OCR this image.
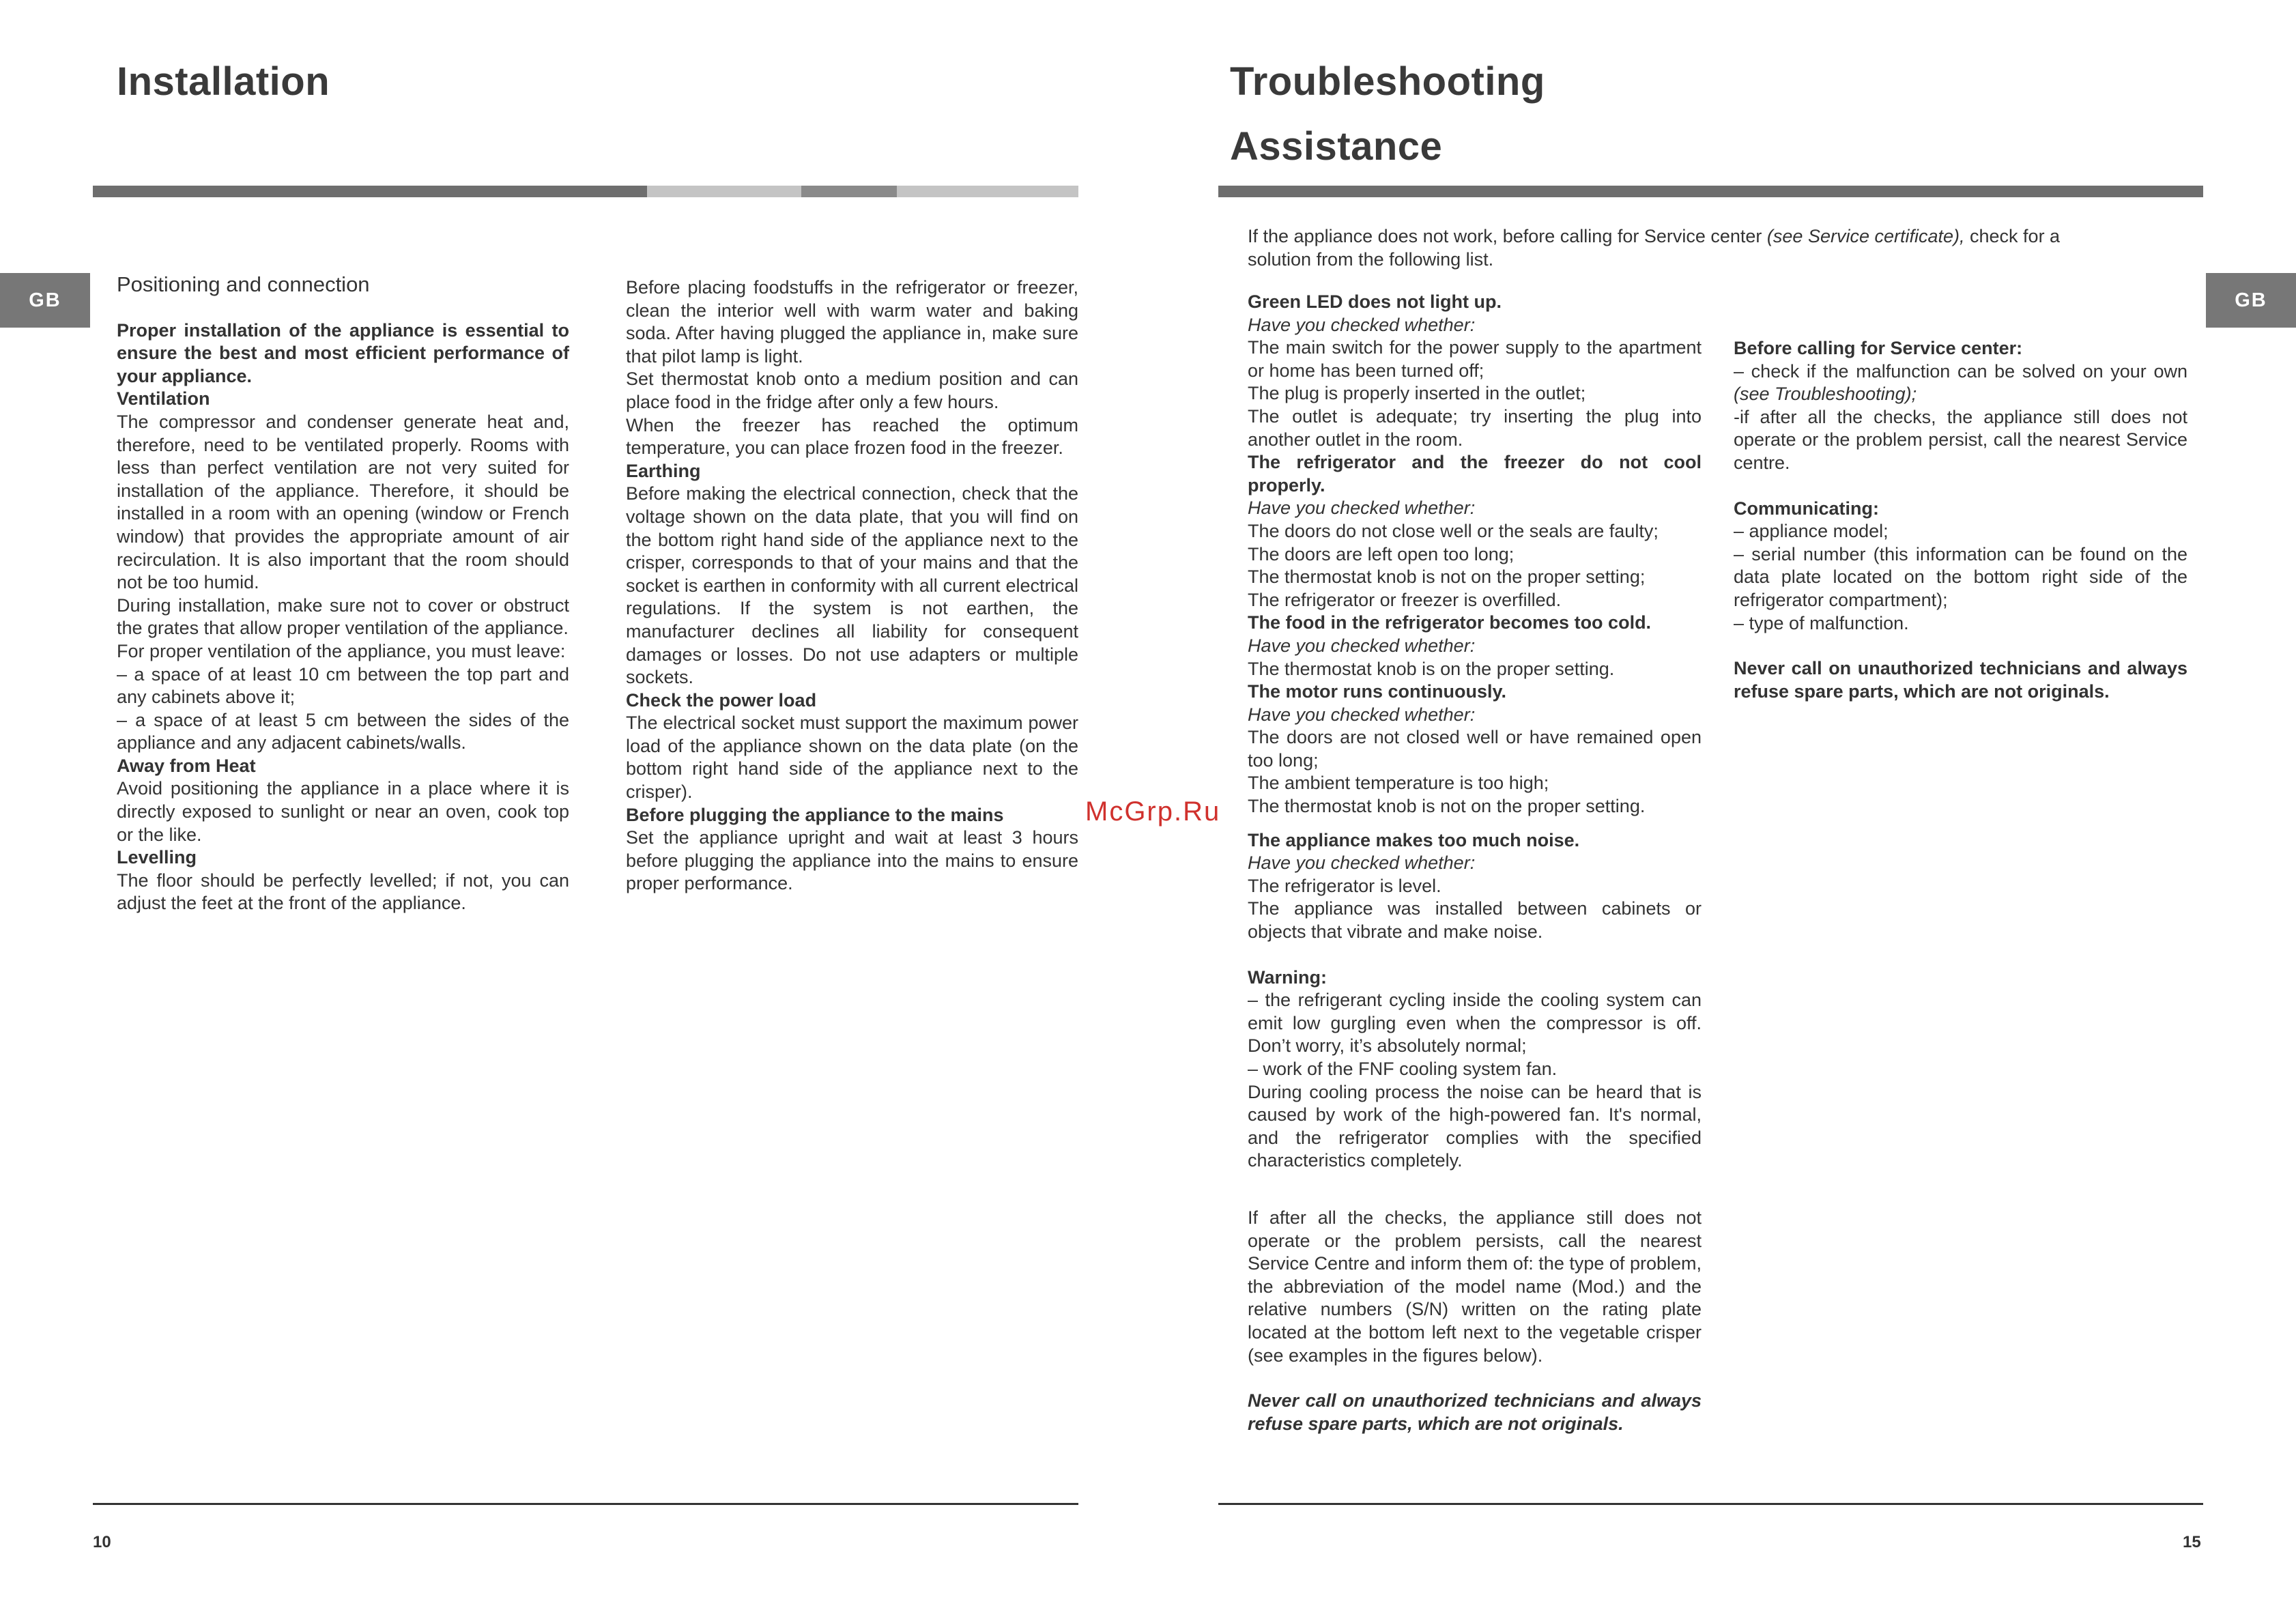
Installation
GB
Positioning and connection

Proper installation of the appliance is essential to ensure the best and most efficient performance of your appliance.

Ventilation

The compressor and condenser generate heat and, therefore, need to be ventilated properly. Rooms with less than perfect ventilation are not very suited for installation of the appliance. Therefore, it should be installed in a room with an opening (window or French window) that provides the appropriate amount of air recirculation. It is also important that the room should not be too humid.

During installation, make sure not to cover or obstruct the grates that allow proper ventilation of the appliance.

For proper ventilation of the appliance, you must leave:

– a space of at least 10 cm between the top part and any cabinets above it;

– a space of at least 5 cm between the sides of the appliance and any adjacent cabinets/walls.

Away from Heat

Avoid positioning the appliance in a place where it is directly exposed to sunlight or near an oven, cook top or the like.

Levelling

The floor should be perfectly levelled; if not, you can adjust the feet at the front of the appliance.

Before placing foodstuffs in the refrigerator or freezer, clean the interior well with warm water and baking soda. After having plugged the appliance in, make sure that pilot lamp is light.

Set thermostat knob onto a medium position and can place food in the fridge after only a few hours.

When the freezer has reached the optimum temperature, you can place frozen food in the freezer.

Earthing

Before making the electrical connection, check that the voltage shown on the data plate, that you will find on the bottom right hand side of the appliance next to the crisper, corresponds to that of your mains and that the socket is earthen in conformity with all current electrical regulations. If the system is not earthen, the manufacturer declines all liability for consequent damages or losses. Do not use adapters or multiple sockets.

Check the power load

The electrical socket must support the maximum power load of the appliance shown on the data plate (on the bottom right hand side of the appliance next to the crisper).

Before plugging the appliance to the mains

Set the appliance upright and wait at least 3 hours before plugging the appliance into the mains to ensure proper performance.

10
McGrp.Ru
Troubleshooting
Assistance
GB
If the appliance does not work, before calling for Service center (see Service certificate), check for a solution from the following list.

Green LED does not light up.

Have you checked whether:

The main switch for the power supply to the apartment or home has been turned off;

The plug is properly inserted in the outlet;

The outlet is adequate; try inserting the plug into another outlet in the room.

The refrigerator and the freezer do not cool properly.

Have you checked whether:

The doors do not close well or the seals are faulty;

The doors are left open too long;

The thermostat knob is not on the proper setting;

The refrigerator or freezer is overfilled.

The food in the refrigerator becomes too cold.

Have you checked whether:

The thermostat knob is on the proper setting.

The motor runs continuously.

Have you checked whether:

The doors are not closed well or have remained open too long;

The ambient temperature is too high;

The thermostat knob is not on the proper setting.

The appliance makes too much noise.

Have you checked whether:

The refrigerator is level.

The appliance was installed between cabinets or objects that vibrate and make noise.

Warning:

– the refrigerant cycling inside the cooling system can emit low gurgling even when the compressor is off. Don’t worry, it’s absolutely normal;

– work of the FNF cooling system fan.

During cooling process the noise can be heard that is caused by work of the high-powered fan. It's normal, and the refrigerator complies with the specified characteristics completely.

If after all the checks, the appliance still does not operate or the problem persists, call the nearest Service Centre and inform them of: the type of problem, the abbreviation of the model name (Mod.) and the relative numbers (S/N) written on the rating plate located at the bottom left next to the vegetable crisper (see examples in the figures below).

Never call on unauthorized technicians and always refuse spare parts, which are not originals.

Before calling for Service center:

– check if the malfunction can be solved on your own (see Troubleshooting);

-if after all the checks, the appliance still does not operate or the problem persist, call the nearest Service centre.

Communicating:

– appliance model;

– serial number (this information can be found on the data plate located on the bottom right side of the refrigerator compartment);

– type of malfunction.

Never call on unauthorized technicians and always refuse spare parts, which are not originals.

15
